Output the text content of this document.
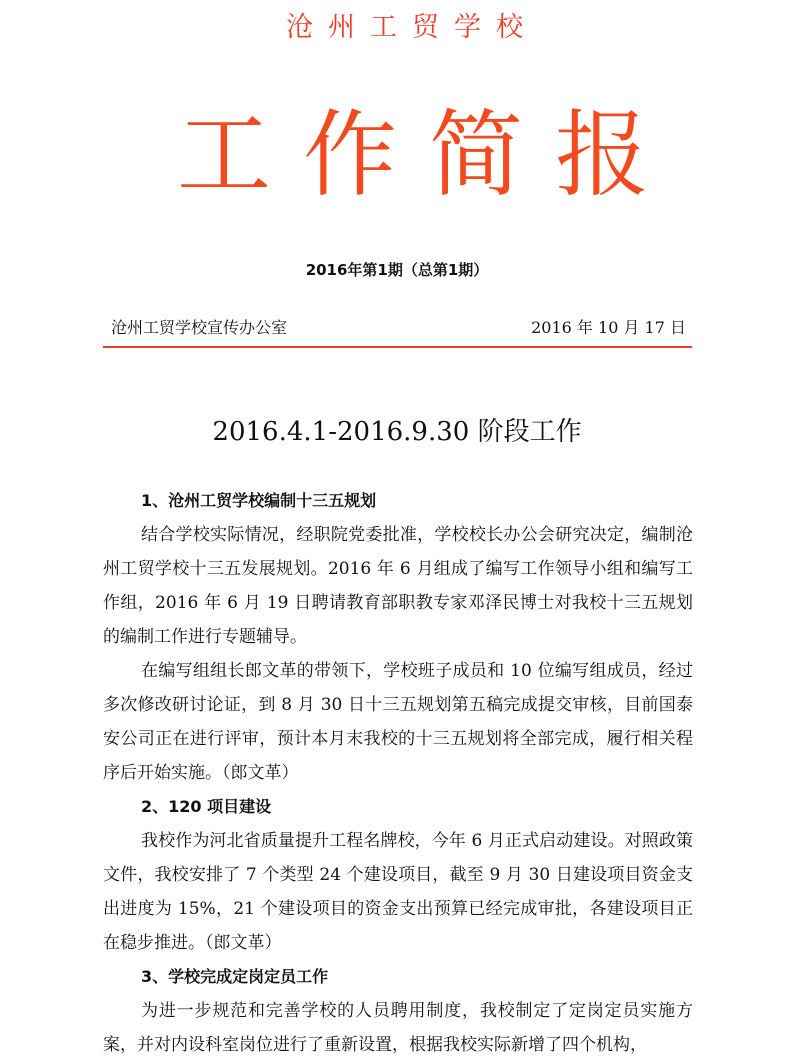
沧州工贸学校
工作简报
2016年第1期（总第1期）
沧州工贸学校宣传办公室	2016 年 10 月 17 日
2016.4.1-2016.9.30 阶段工作

1、沧州工贸学校编制十三五规划

结合学校实际情况，经职院党委批准，学校校长办公会研究决定，编制沧州工贸学校十三五发展规划。2016 年 6 月组成了编写工作领导小组和编写工作组，2016 年 6 月 19 日聘请教育部职教专家邓泽民博士对我校十三五规划的编制工作进行专题辅导。

在编写组组长郎文革的带领下，学校班子成员和 10 位编写组成员，经过多次修改研讨论证，到 8 月 30 日十三五规划第五稿完成提交审核，目前国泰安公司正在进行评审，预计本月末我校的十三五规划将全部完成，履行相关程序后开始实施。（郎文革）

2、120 项目建设

我校作为河北省质量提升工程名牌校，今年 6 月正式启动建设。对照政策文件，我校安排了 7 个类型 24 个建设项目，截至 9 月 30 日建设项目资金支出进度为 15%，21 个建设项目的资金支出预算已经完成审批，各建设项目正在稳步推进。（郎文革）

3、学校完成定岗定员工作

为进一步规范和完善学校的人员聘用制度，我校制定了定岗定员实施方案，并对内设科室岗位进行了重新设置，根据我校实际新增了四个机构，
